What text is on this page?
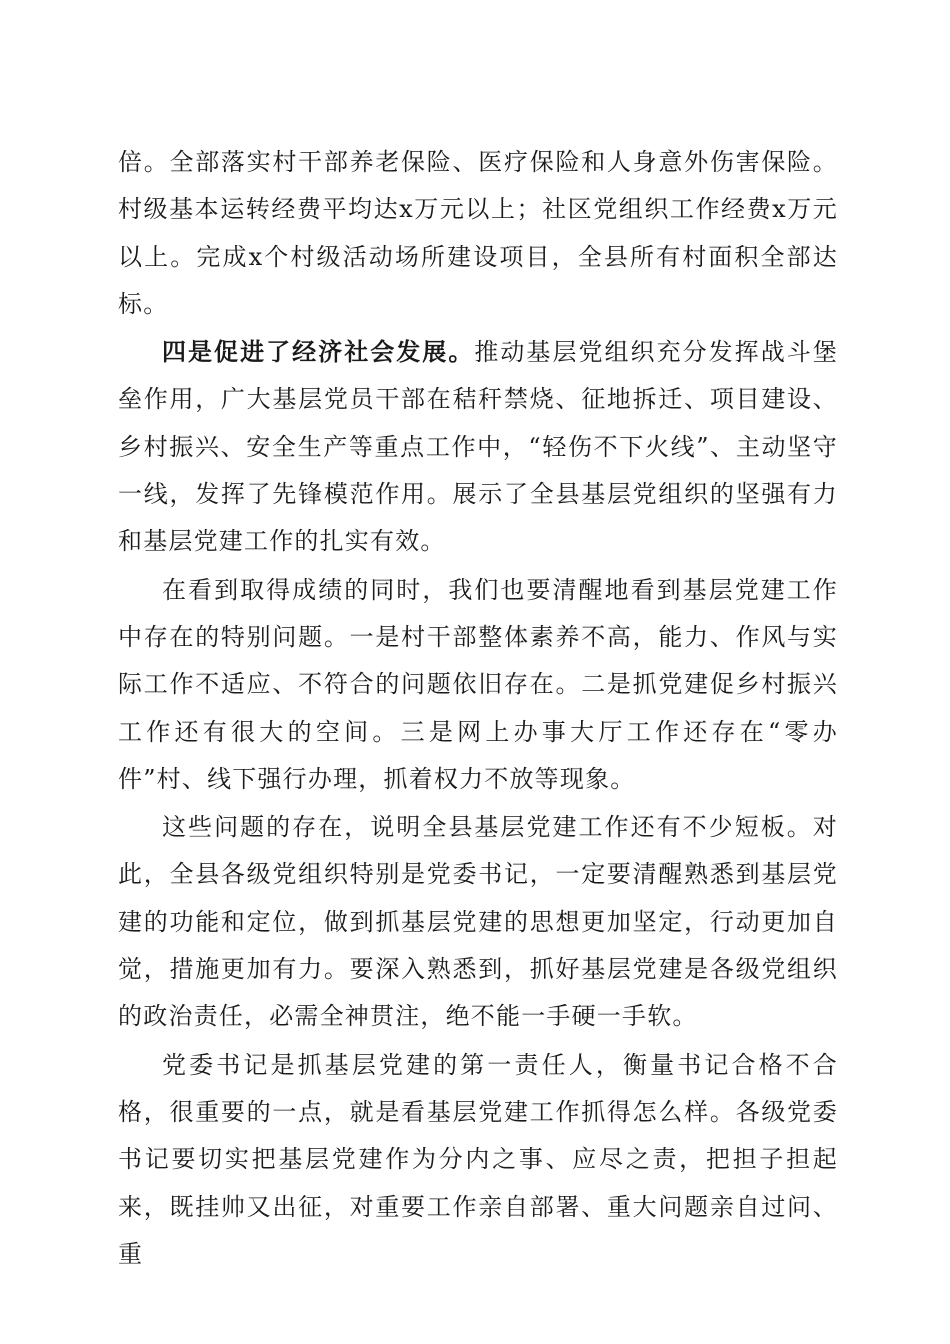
倍。全部落实村干部养老保险、医疗保险和人身意外伤害保险。村级基本运转经费平均达x万元以上；社区党组织工作经费x万元以上。完成x个村级活动场所建设项目，全县所有村面积全部达标。

四是促进了经济社会发展。推动基层党组织充分发挥战斗堡垒作用，广大基层党员干部在秸秆禁烧、征地拆迁、项目建设、乡村振兴、安全生产等重点工作中，“轻伤不下火线”、主动坚守一线，发挥了先锋模范作用。展示了全县基层党组织的坚强有力和基层党建工作的扎实有效。

在看到取得成绩的同时，我们也要清醒地看到基层党建工作中存在的特别问题。一是村干部整体素养不高，能力、作风与实际工作不适应、不符合的问题依旧存在。二是抓党建促乡村振兴工作还有很大的空间。三是网上办事大厅工作还存在“零办件”村、线下强行办理，抓着权力不放等现象。

这些问题的存在，说明全县基层党建工作还有不少短板。对此，全县各级党组织特别是党委书记，一定要清醒熟悉到基层党建的功能和定位，做到抓基层党建的思想更加坚定，行动更加自觉，措施更加有力。要深入熟悉到，抓好基层党建是各级党组织的政治责任，必需全神贯注，绝不能一手硬一手软。

党委书记是抓基层党建的第一责任人，衡量书记合格不合格，很重要的一点，就是看基层党建工作抓得怎么样。各级党委书记要切实把基层党建作为分内之事、应尽之责，把担子担起来，既挂帅又出征，对重要工作亲自部署、重大问题亲自过问、重
